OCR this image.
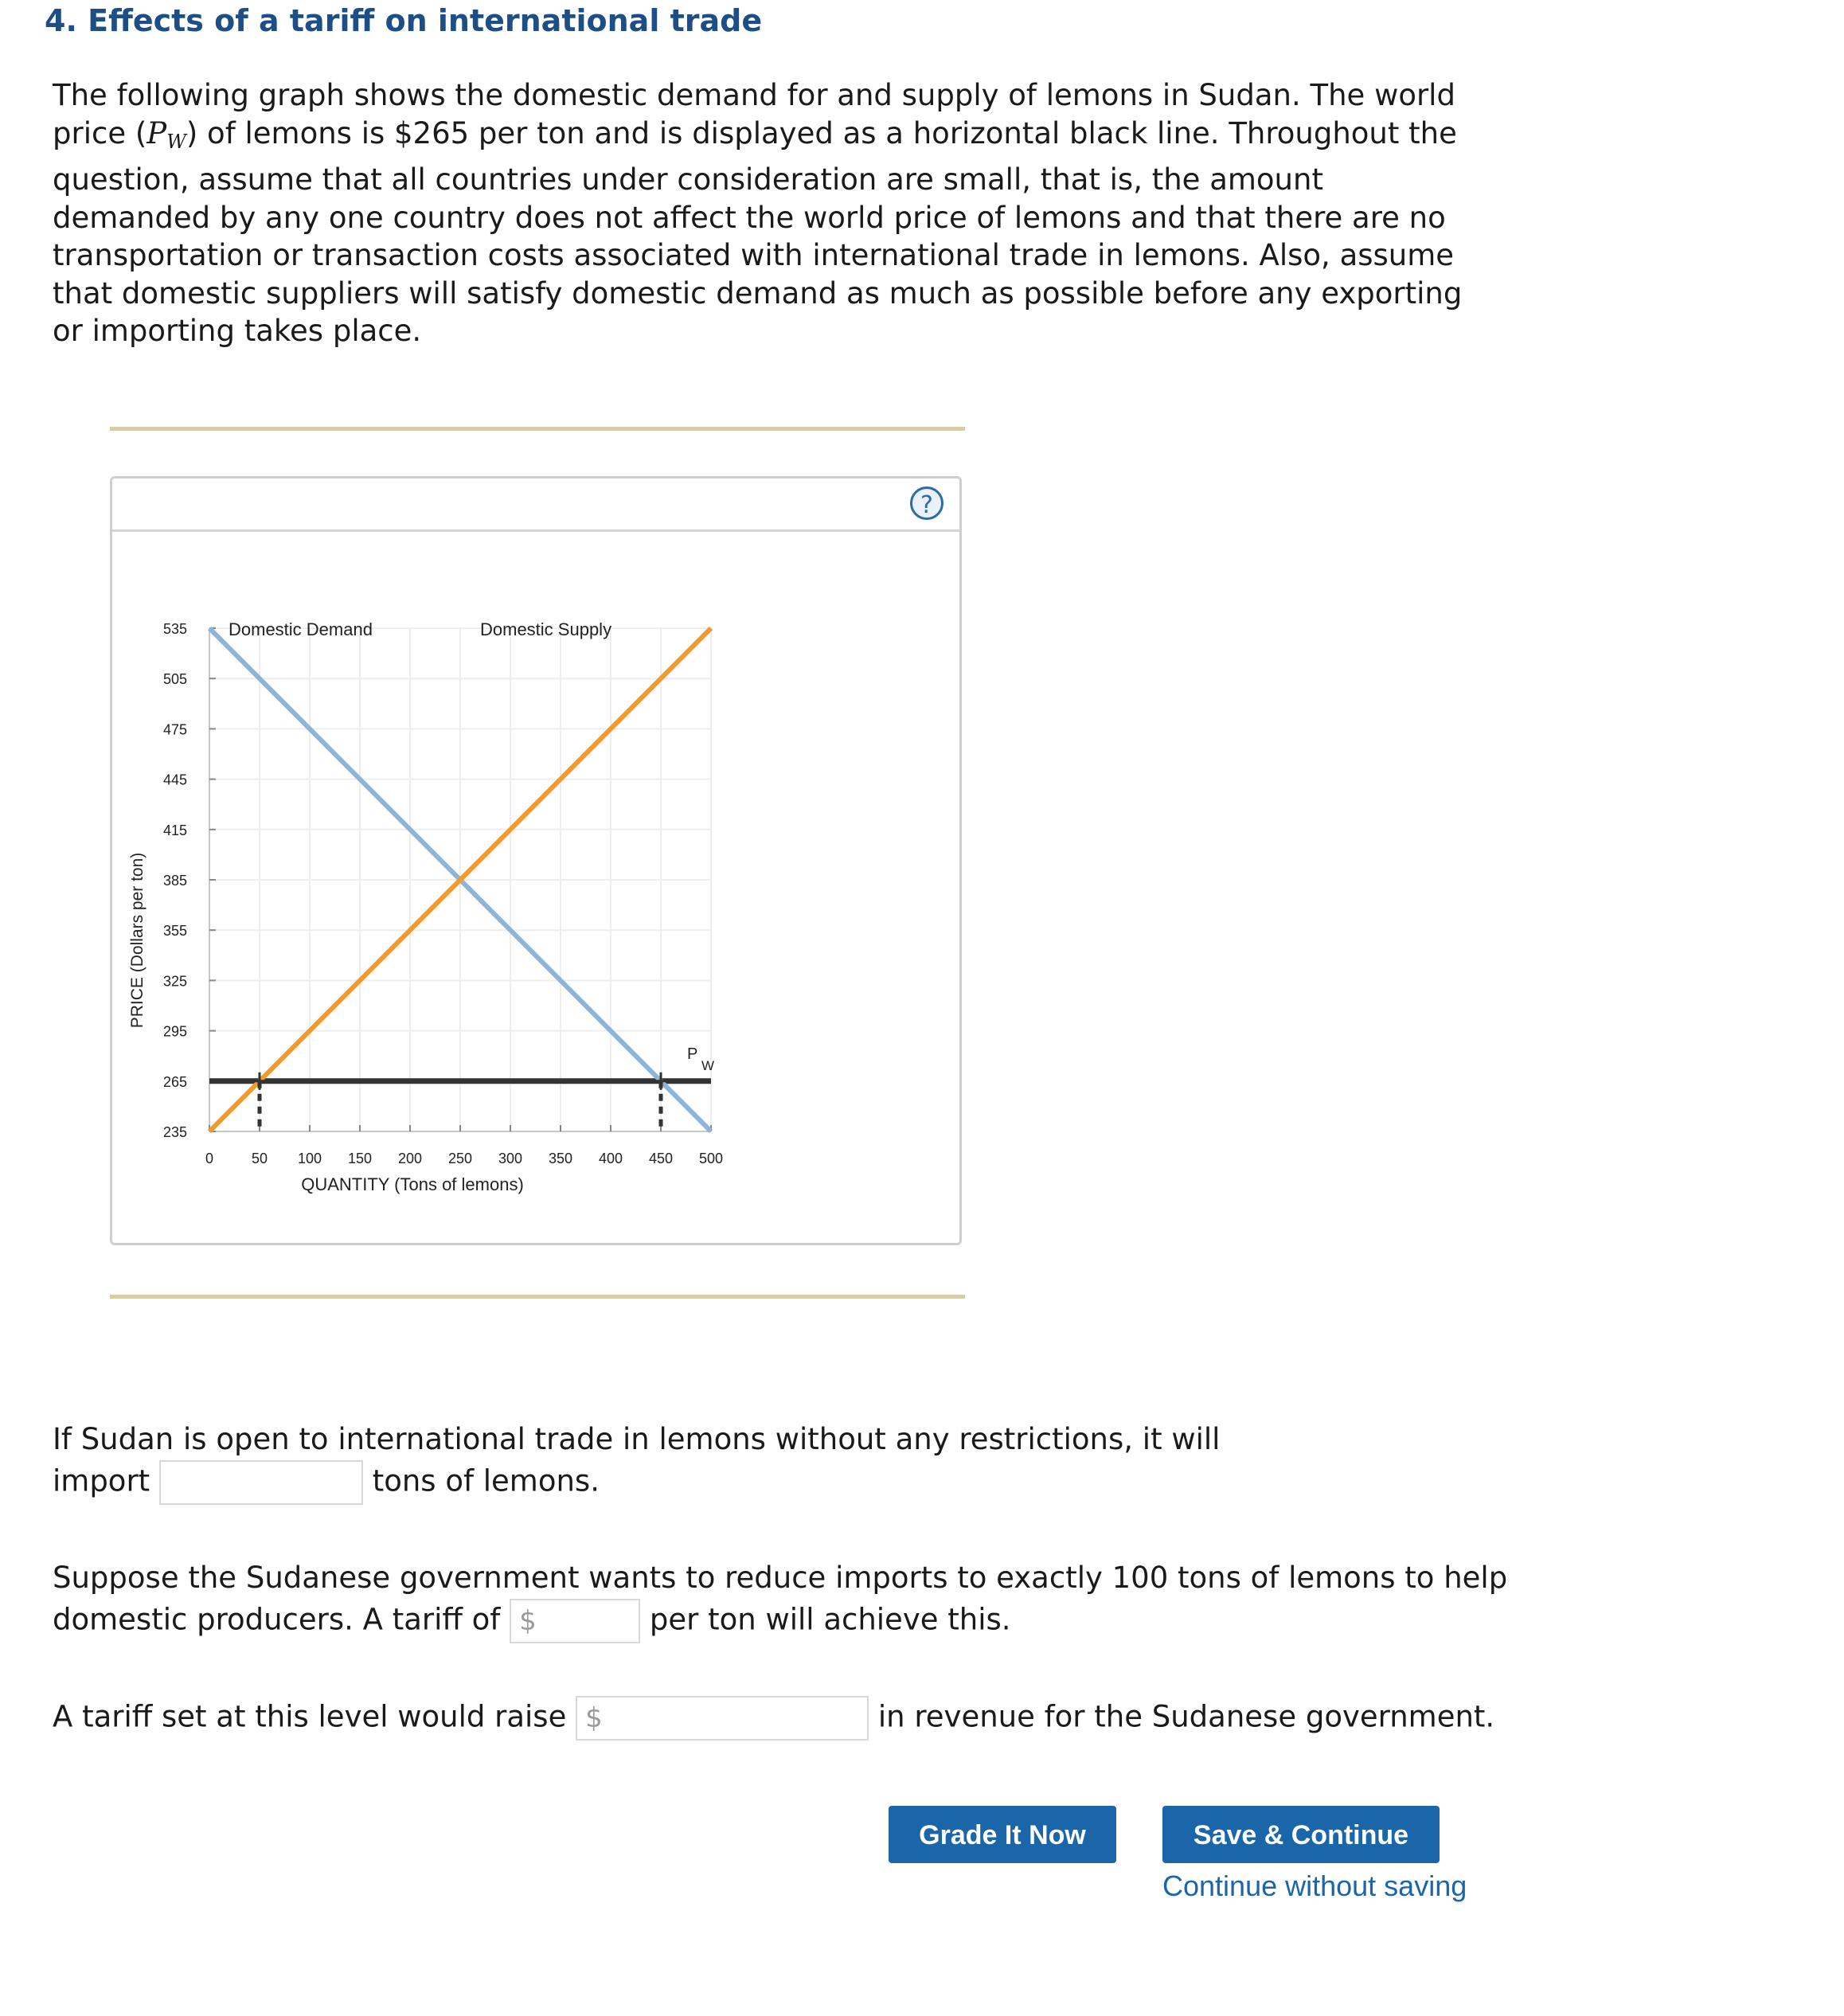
4. Effects of a tariff on international trade

The following graph shows the domestic demand for and supply of lemons in Sudan. The world price $(P_W)$ of lemons is $265 per ton and is displayed as a horizontal black line. Throughout the question, assume that all countries under consideration are small, that is, the amount demanded by any one country does not affect the world price of lemons and that there are no transportation or transaction costs associated with international trade in lemons. Also, assume that domestic suppliers will satisfy domestic demand as much as possible before any exporting or importing takes place.

?
535
505
475
445
415
385
355
325
295
265
235
0	50 100 150 200 250 300 350 400 450 500
QUANTITY (Tons of lemons)
PRICE (Dollars per ton)
Domestic Demand	Domestic Supply
P
W

If Sudan is open to international trade in lemons without any restrictions, it will
import	tons of lemons.

Suppose the Sudanese government wants to reduce imports to exactly 100 tons of lemons to help
domestic producers. A tariff of $	per ton will achieve this.

A tariff set at this level would raise $	in revenue for the Sudanese government.

Grade It Now	Save & Continue
Continue without saving
